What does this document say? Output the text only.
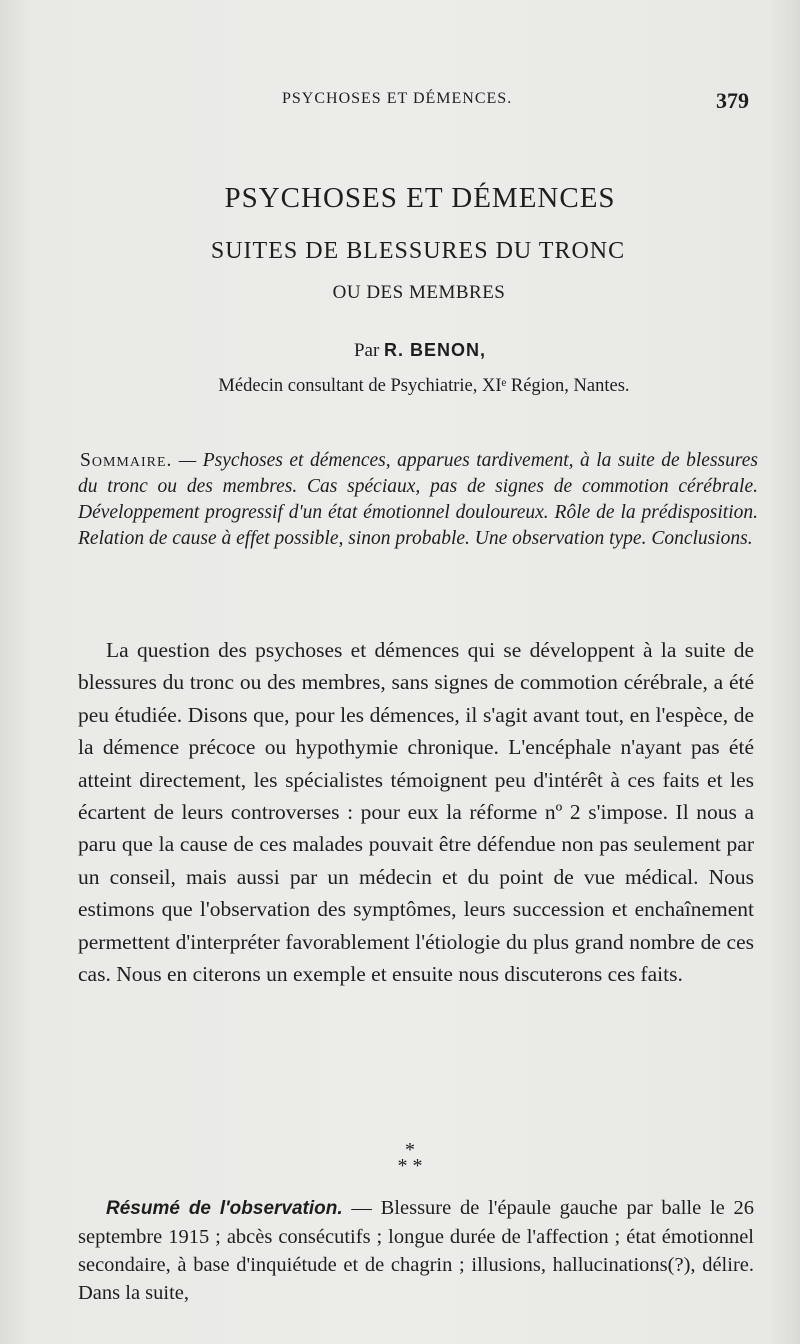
PSYCHOSES ET DÉMENCES.	379
PSYCHOSES ET DÉMENCES
SUITES DE BLESSURES DU TRONC
OU DES MEMBRES
Par R. BENON,
Médecin consultant de Psychiatrie, XIᵉ Région, Nantes.
Sommaire. — Psychoses et démences, apparues tardivement, à la suite de blessures du tronc ou des membres. Cas spéciaux, pas de signes de commotion cérébrale. Développement progressif d'un état émotionnel douloureux. Rôle de la prédisposition. Relation de cause à effet possible, sinon probable. Une observation type. Conclusions.

La question des psychoses et démences qui se développent à la suite de blessures du tronc ou des membres, sans signes de commotion cérébrale, a été peu étudiée. Disons que, pour les démences, il s'agit avant tout, en l'espèce, de la démence précoce ou hypothymie chronique. L'encéphale n'ayant pas été atteint directement, les spécialistes témoignent peu d'intérêt à ces faits et les écartent de leurs controverses : pour eux la réforme nº 2 s'impose. Il nous a paru que la cause de ces malades pouvait être défendue non pas seulement par un conseil, mais aussi par un médecin et du point de vue médical. Nous estimons que l'observation des symptômes, leurs succession et enchaînement permettent d'interpréter favorablement l'étiologie du plus grand nombre de ces cas. Nous en citerons un exemple et ensuite nous discuterons ces faits.

*
* *

Résumé de l'observation. — Blessure de l'épaule gauche par balle le 26 septembre 1915 ; abcès consécutifs ; longue durée de l'affection ; état émotionnel secondaire, à base d'inquiétude et de chagrin ; illusions, hallucinations(?), délire. Dans la suite,
